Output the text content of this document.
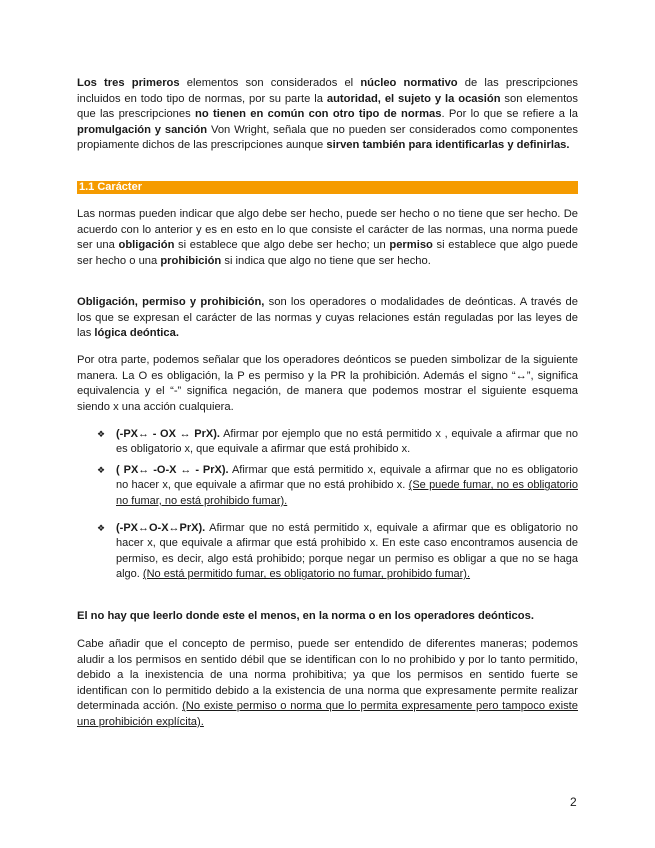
Los tres primeros elementos son considerados el núcleo normativo de las prescripciones incluidos en todo tipo de normas, por su parte la autoridad, el sujeto y la ocasión son elementos que las prescripciones no tienen en común con otro tipo de normas. Por lo que se refiere a la promulgación y sanción Von Wright, señala que no pueden ser considerados como componentes propiamente dichos de las prescripciones aunque sirven también para identificarlas y definirlas.

1.1 Carácter

Las normas pueden indicar que algo debe ser hecho, puede ser hecho o no tiene que ser hecho. De acuerdo con lo anterior y es en esto en lo que consiste el carácter de las normas, una norma puede ser una obligación si establece que algo debe ser hecho; un permiso si establece que algo puede ser hecho o una prohibición si indica que algo no tiene que ser hecho.

Obligación, permiso y prohibición, son los operadores o modalidades de deónticas. A través de los que se expresan el carácter de las normas y cuyas relaciones están reguladas por las leyes de las lógica deóntica.

Por otra parte, podemos señalar que los operadores deónticos se pueden simbolizar de la siguiente manera. La O es obligación, la P es permiso y la PR la prohibición. Además el signo “↔”, significa equivalencia y el “-” significa negación, de manera que podemos mostrar el siguiente esquema siendo x una acción cualquiera.

❖ (-PX↔ - OX ↔ PrX). Afirmar por ejemplo que no está permitido x , equivale a afirmar que no es obligatorio x, que equivale a afirmar que está prohibido x.

❖ ( PX↔ -O-X ↔ - PrX). Afirmar que está permitido x, equivale a afirmar que no es obligatorio no hacer x, que equivale a afirmar que no está prohibido x. (Se puede fumar, no es obligatorio no fumar, no está prohibido fumar).

❖ (-PX↔O-X↔PrX). Afirmar que no está permitido x, equivale a afirmar que es obligatorio no hacer x, que equivale a afirmar que está prohibido x. En este caso encontramos ausencia de permiso, es decir, algo está prohibido; porque negar un permiso es obligar a que no se haga algo. (No está permitido fumar, es obligatorio no fumar, prohibido fumar).

El no hay que leerlo donde este el menos, en la norma o en los operadores deónticos.

Cabe añadir que el concepto de permiso, puede ser entendido de diferentes maneras; podemos aludir a los permisos en sentido débil que se identifican con lo no prohibido y por lo tanto permitido, debido a la inexistencia de una norma prohibitiva; ya que los permisos en sentido fuerte se identifican con lo permitido debido a la existencia de una norma que expresamente permite realizar determinada acción. (No existe permiso o norma que lo permita expresamente pero tampoco existe una prohibición explícita).

2
